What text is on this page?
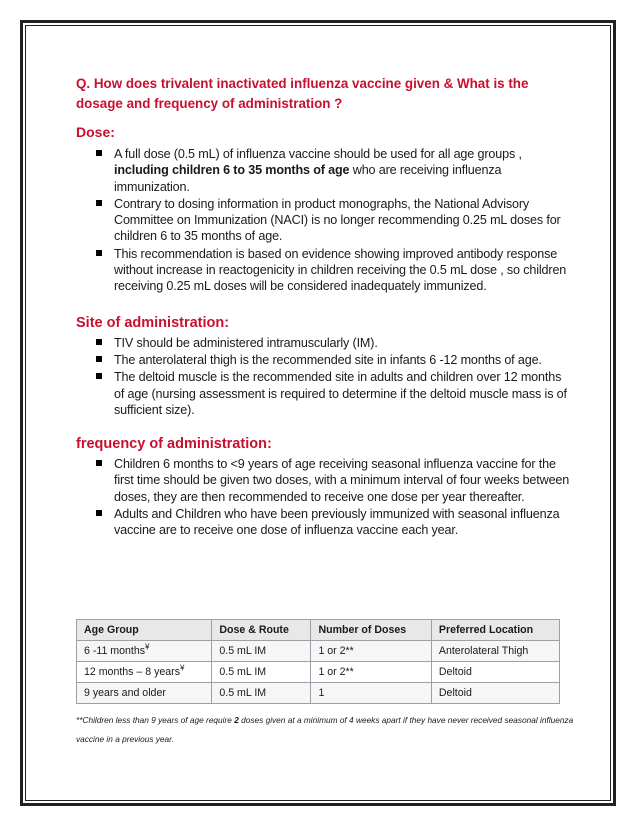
Q. How does trivalent inactivated influenza vaccine given & What is the
dosage and frequency of administration ?

Dose:
A full dose (0.5 mL) of influenza vaccine should be used for all age groups , including children 6 to 35 months of age who are receiving influenza immunization.
Contrary to dosing information in product monographs, the National Advisory Committee on Immunization (NACI) is no longer recommending 0.25 mL doses for children 6 to 35 months of age.
This recommendation is based on evidence showing improved antibody response without increase in reactogenicity in children receiving the 0.5 mL dose , so children receiving 0.25 mL doses will be considered inadequately immunized.
Site of administration:
TIV should be administered intramuscularly (IM).
The anterolateral thigh is the recommended site in infants 6 -12 months of age.
The deltoid muscle is the recommended site in adults and children over 12 months of age (nursing assessment is required to determine if the deltoid muscle mass is of sufficient size).
frequency of administration:
Children 6 months to <9 years of age receiving seasonal influenza vaccine for the first time should be given two doses, with a minimum interval of four weeks between doses, they are then recommended to receive one dose per year thereafter.
Adults and Children who have been previously immunized with seasonal influenza vaccine are to receive one dose of influenza vaccine each year.
Age Group	Dose & Route	Number of Doses	Preferred Location
6 -11 months¥	0.5 mL IM	1 or 2**	Anterolateral Thigh
12 months – 8 years¥	0.5 mL IM	1 or 2**	Deltoid
9 years and older	0.5 mL IM	1	Deltoid
**Children less than 9 years of age require 2 doses given at a minimum of 4 weeks apart if they have never received seasonal influenza vaccine in a previous year.
